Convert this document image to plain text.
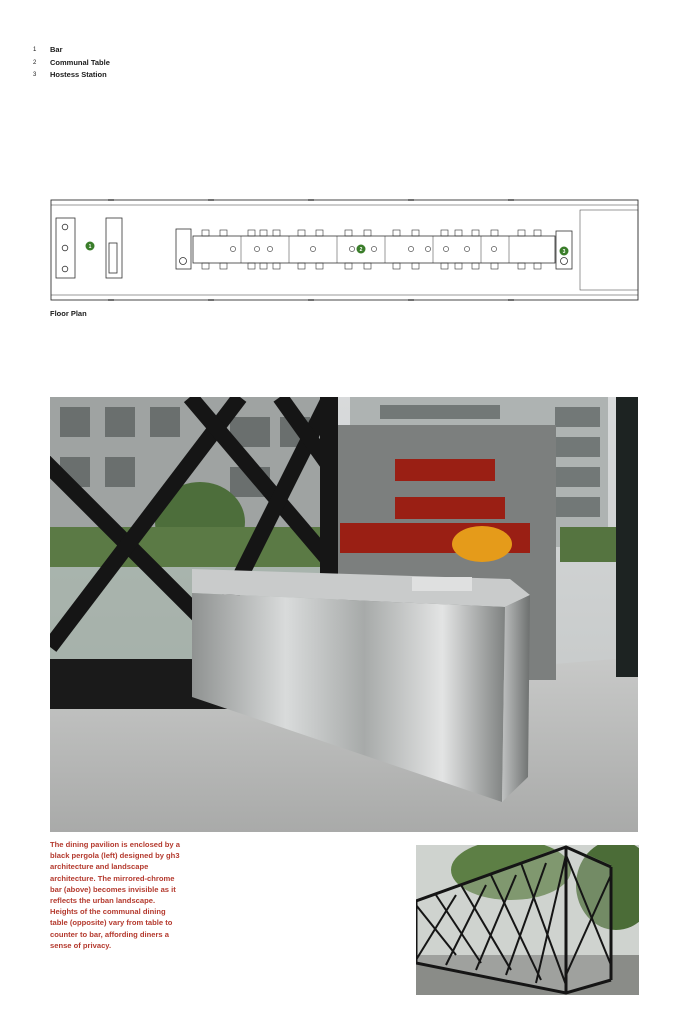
1	Bar
2	Communal Table
3	Hostess Station
1	2	3
Floor Plan

The dining pavilion is enclosed by a black pergola (left) designed by gh3 architecture and landscape architecture. The mirrored-chrome bar (above) becomes invisible as it reflects the urban landscape. Heights of the communal dining table (opposite) vary from table to counter to bar, affording diners a sense of privacy.
